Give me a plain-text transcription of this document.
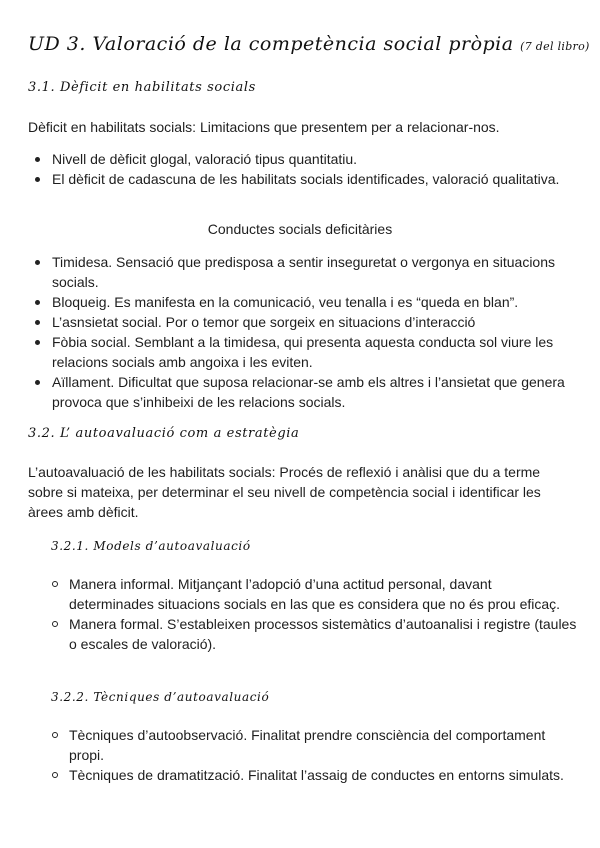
UD 3. Valoració de la competència social pròpia (7 del libro)
3.1. Dèficit en habilitats socials
Dèficit en habilitats socials: Limitacions que presentem per a relacionar-nos.
Nivell de dèficit glogal, valoració tipus quantitatiu.
El dèficit de cadascuna de les habilitats socials identificades, valoració qualitativa.
Conductes socials deficitàries
Timidesa. Sensació que predisposa a sentir inseguretat o vergonya en situacions socials.
Bloqueig. Es manifesta en la comunicació, veu tenalla i es “queda en blan”.
L’asnsietat social. Por o temor que sorgeix en situacions d’interacció
Fòbia social. Semblant a la timidesa, qui presenta aquesta conducta sol viure les relacions socials amb angoixa i les eviten.
Aïllament. Dificultat que suposa relacionar-se amb els altres i l’ansietat que genera provoca que s’inhibeixi de les relacions socials.
3.2. L’ autoavaluació com a estratègia
L’autoavaluació de les habilitats socials: Procés de reflexió i anàlisi que du a terme sobre si mateixa, per determinar el seu nivell de competència social i identificar les àrees amb dèficit.
3.2.1. Models d’autoavaluació
Manera informal. Mitjançant l’adopció d’una actitud personal, davant determinades situacions socials en las que es considera que no és prou eficaç.
Manera formal. S’estableixen processos sistemàtics d’autoanalisi i registre (taules o escales de valoració).
3.2.2. Tècniques d’autoavaluació
Tècniques d’autoobservació. Finalitat prendre consciència del comportament propi.
Tècniques de dramatització. Finalitat l’assaig de conductes en entorns simulats.
